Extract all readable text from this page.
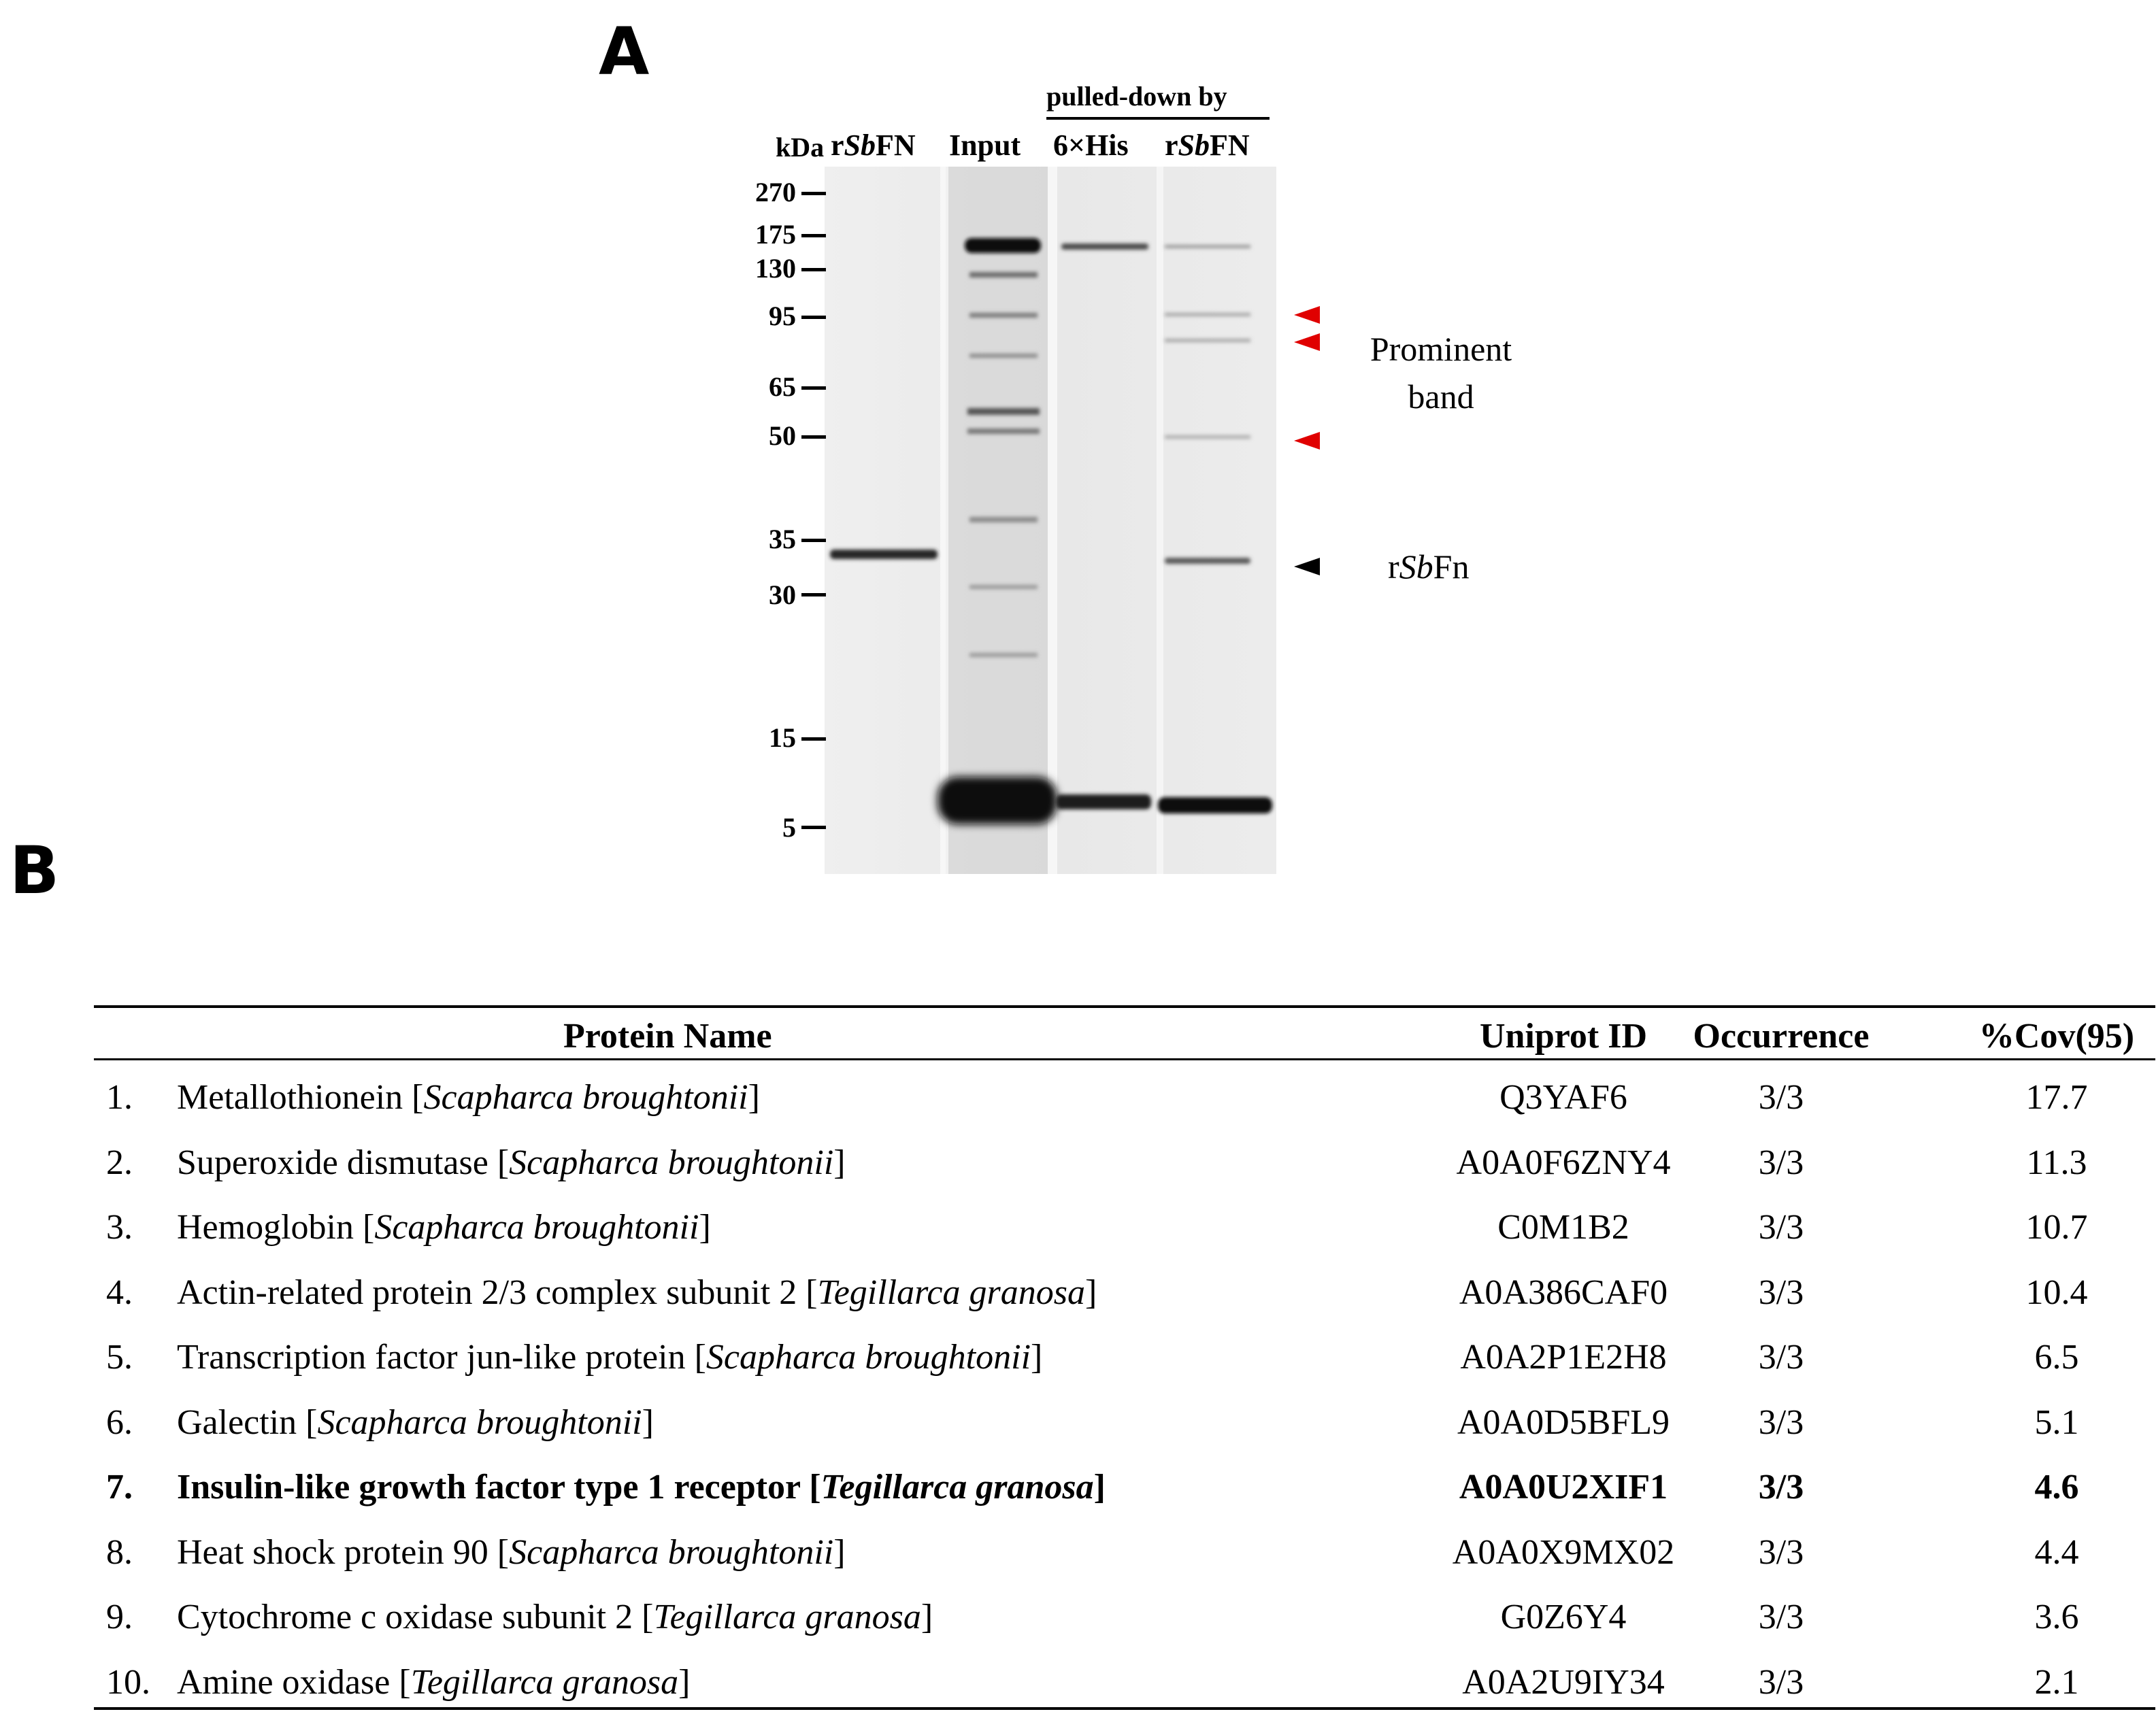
A
B
kDa rSbFN Input
pulled-down by
6×His rSbFN
270
175
130
95
65
50
35
30
15
5
Prominent
band
rSbFn
Protein Name	Uniprot ID	Occurrence	%Cov(95)
1. Metallothionein [Scapharca broughtonii]	Q3YAF6	3/3	17.7
2. Superoxide dismutase [Scapharca broughtonii]	A0A0F6ZNY4	3/3	11.3
3. Hemoglobin [Scapharca broughtonii]	C0M1B2	3/3	10.7
4. Actin-related protein 2/3 complex subunit 2 [Tegillarca granosa]	A0A386CAF0	3/3	10.4
5. Transcription factor jun-like protein [Scapharca broughtonii]	A0A2P1E2H8	3/3	6.5
6. Galectin [Scapharca broughtonii]	A0A0D5BFL9	3/3	5.1
7. Insulin-like growth factor type 1 receptor [Tegillarca granosa]	A0A0U2XIF1	3/3	4.6
8. Heat shock protein 90 [Scapharca broughtonii]	A0A0X9MX02	3/3	4.4
9. Cytochrome c oxidase subunit 2 [Tegillarca granosa]	G0Z6Y4	3/3	3.6
10. Amine oxidase [Tegillarca granosa]	A0A2U9IY34	3/3	2.1
